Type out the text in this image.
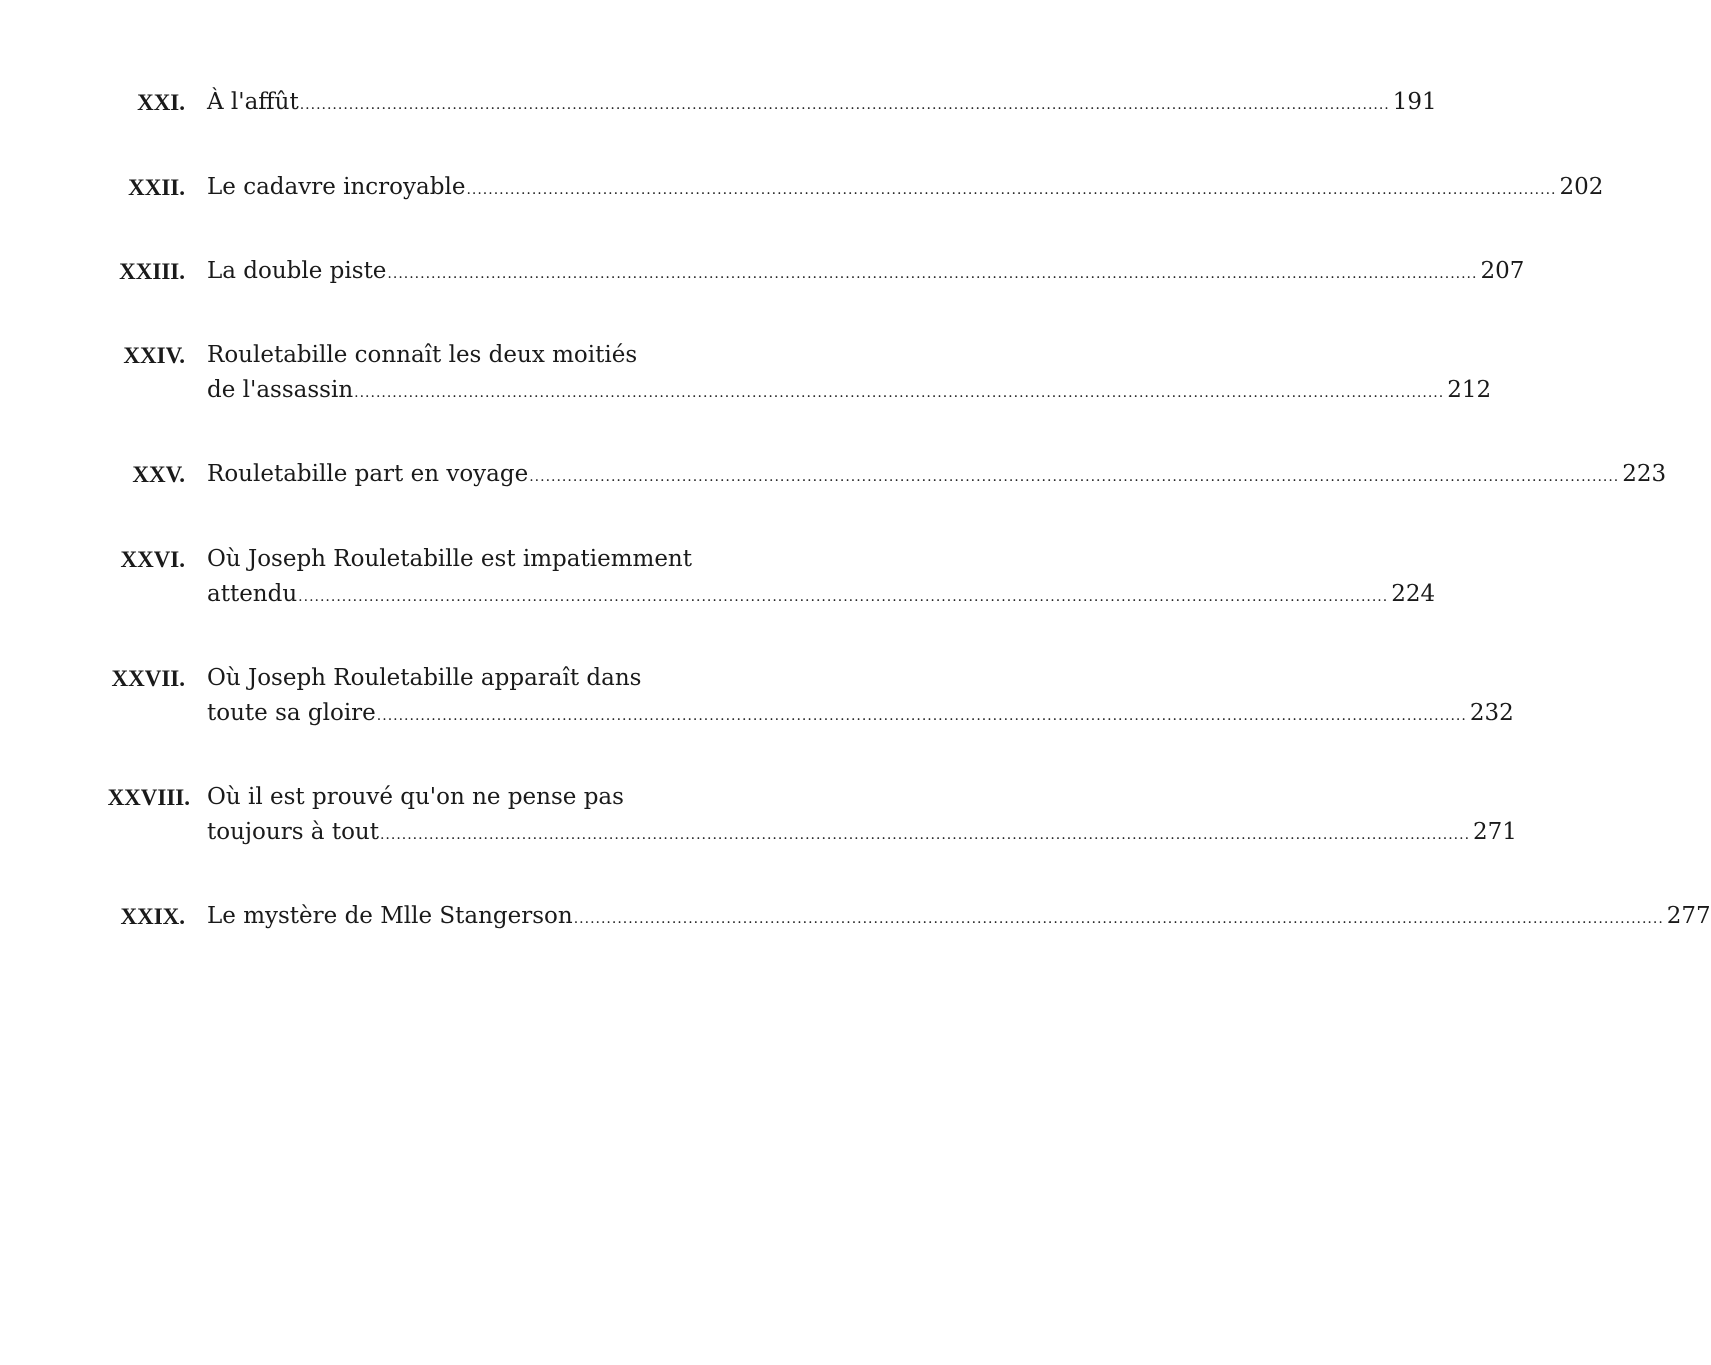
XXI. À l'affût ........................................................................................................................................................................................................ 191
XXII. Le cadavre incroyable ........................................................................................................................................................................................................ 202
XXIII. La double piste ........................................................................................................................................................................................................ 207
XXIV. Rouletabille connaît les deux moitiés
de l'assassin ........................................................................................................................................................................................................ 212
XXV. Rouletabille part en voyage ........................................................................................................................................................................................................ 223
XXVI. Où Joseph Rouletabille est impatiemment
attendu ........................................................................................................................................................................................................ 224
XXVII. Où Joseph Rouletabille apparaît dans
toute sa gloire ........................................................................................................................................................................................................ 232
XXVIII. Où il est prouvé qu'on ne pense pas
toujours à tout ........................................................................................................................................................................................................ 271
XXIX. Le mystère de Mlle Stangerson ........................................................................................................................................................................................................ 277
